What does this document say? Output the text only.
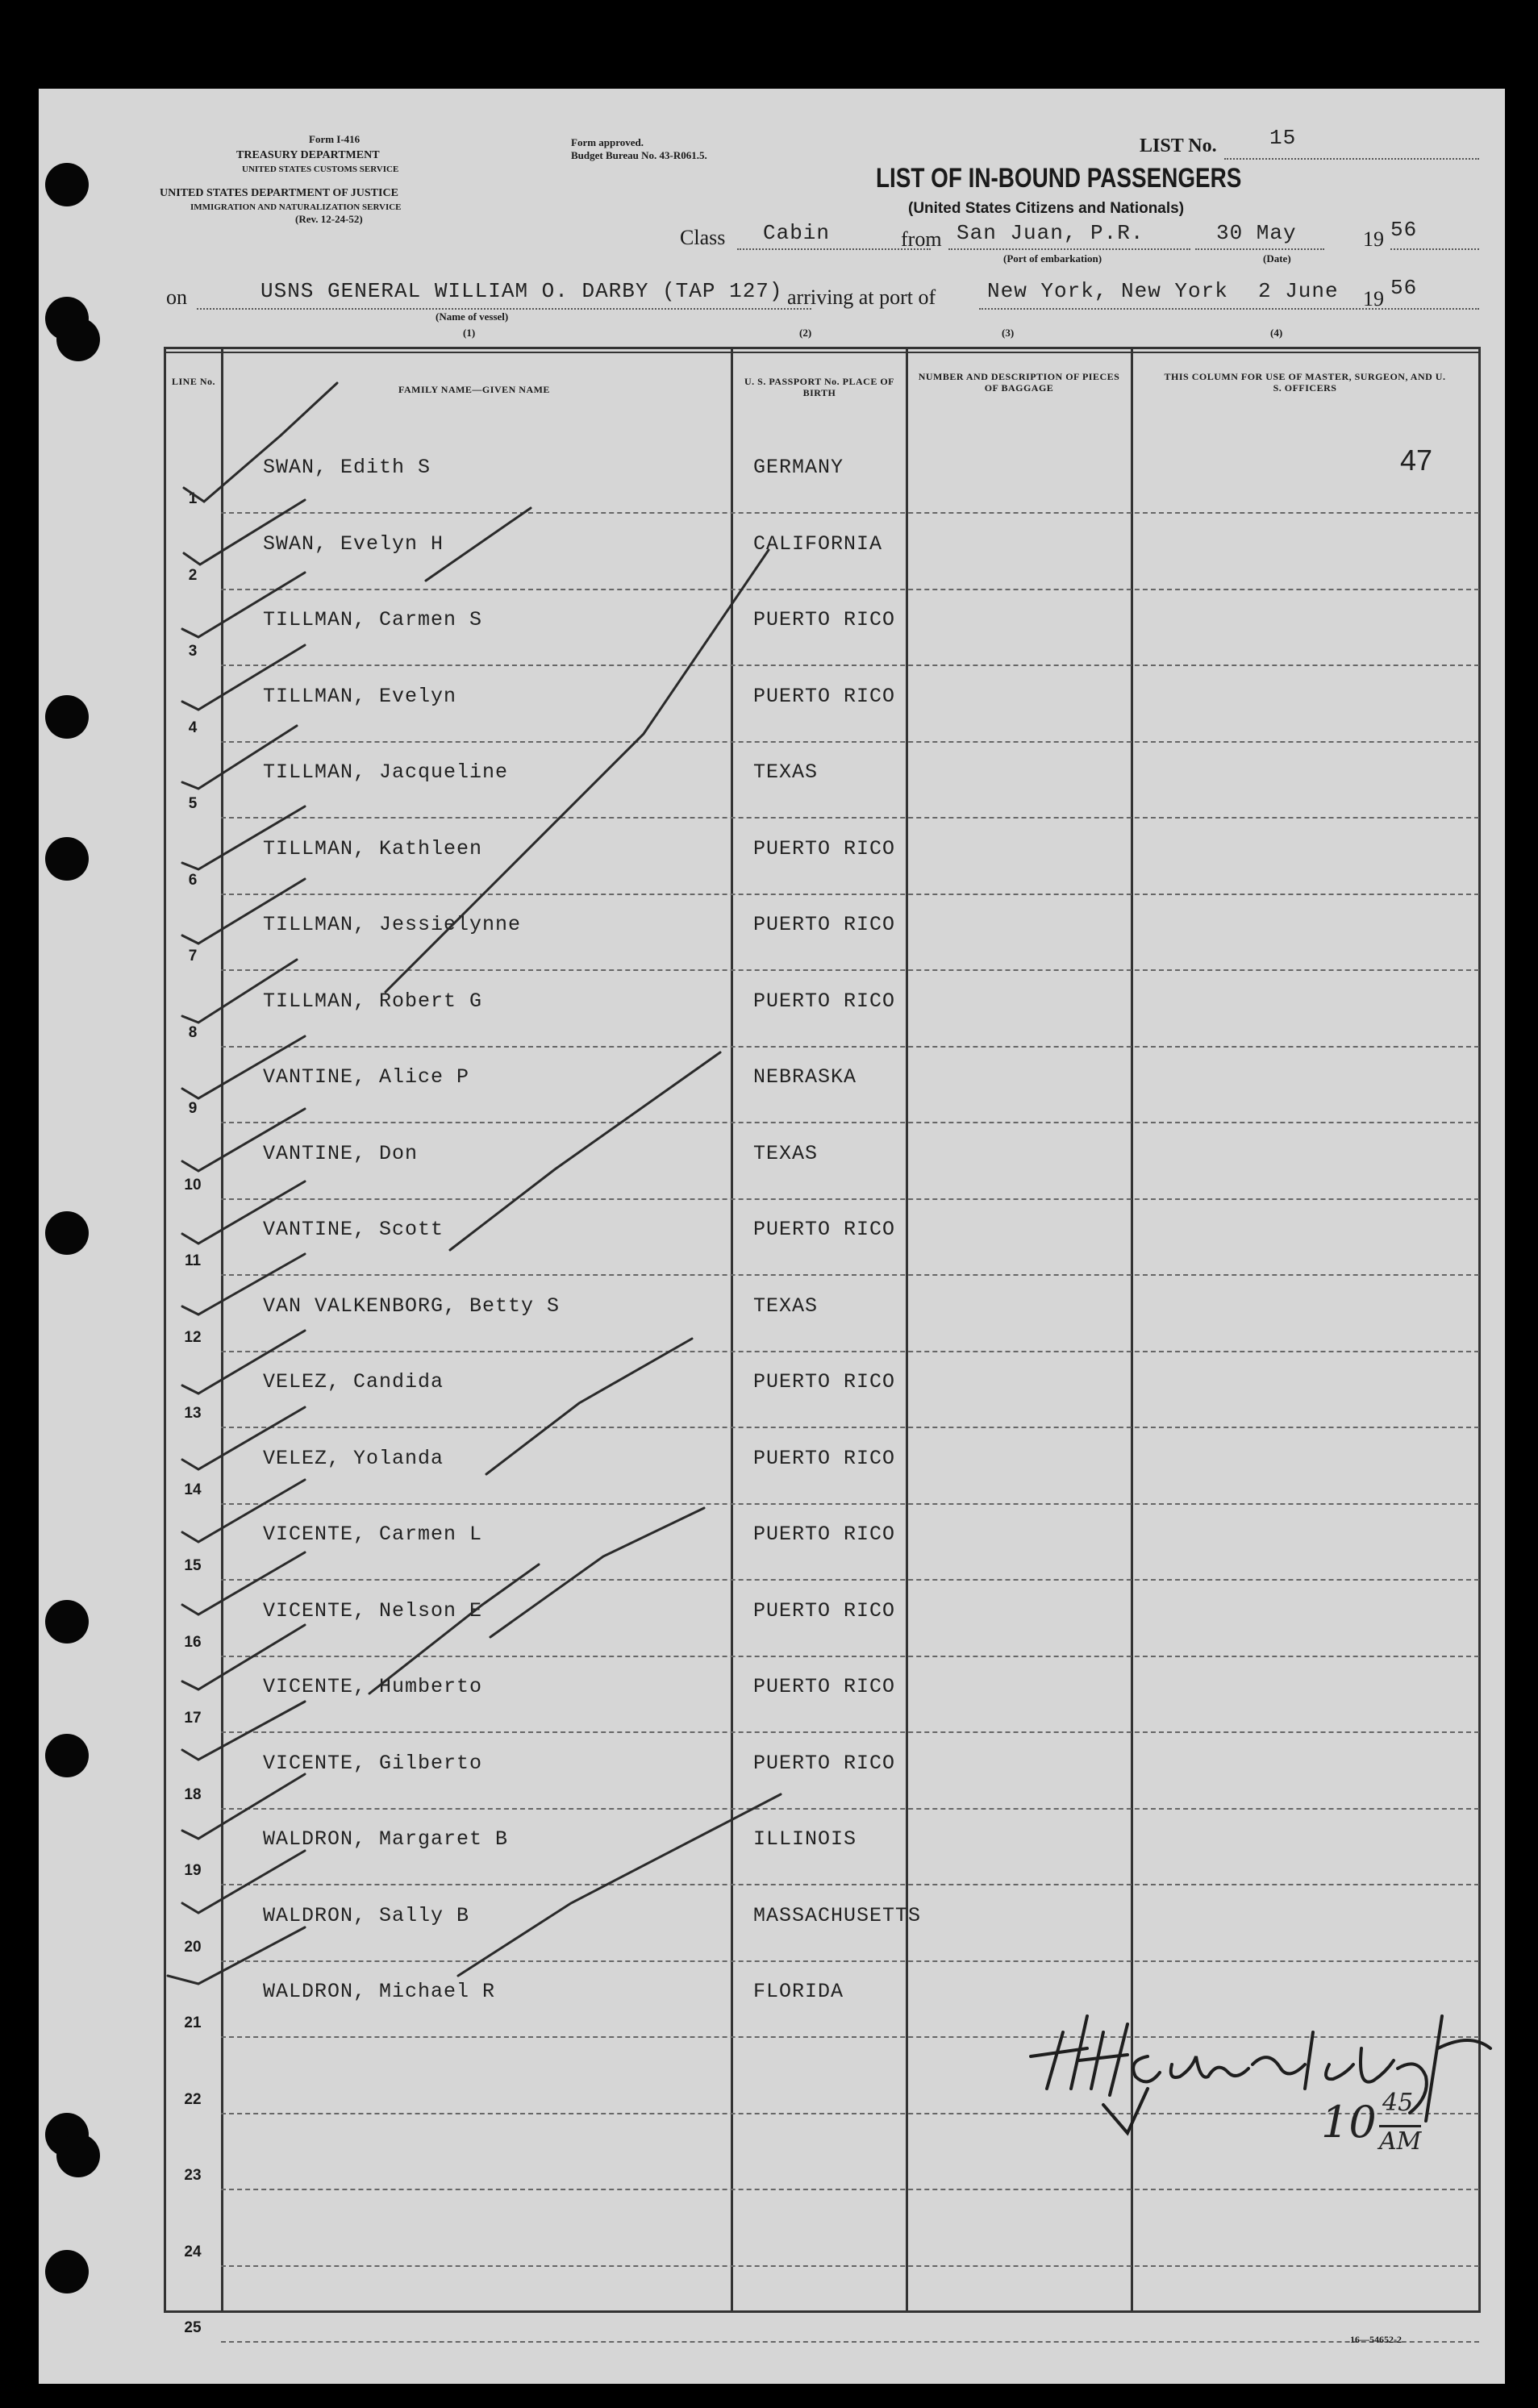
Form I-416
TREASURY DEPARTMENT
UNITED STATES CUSTOMS SERVICE
UNITED STATES DEPARTMENT OF JUSTICE
IMMIGRATION AND NATURALIZATION SERVICE
(Rev. 12-24-52)
Form approved.
Budget Bureau No. 43-R061.5.
LIST OF IN-BOUND PASSENGERS
(United States Citizens and Nationals)
LIST No.	15
Class Cabin	from San Juan, P.R.
(Port of embarkation)
30 May
(Date)
19 56
on	USNS GENERAL WILLIAM O. DARBY (TAP 127)
(Name of vessel)
arriving at port of New York, New York 2 June 19 56
(1)	(2)	(3)	(4)
LINE No.
FAMILY NAME—GIVEN NAME
U. S. PASSPORT No. PLACE OF BIRTH
NUMBER AND DESCRIPTION OF PIECES OF BAGGAGE
THIS COLUMN FOR USE OF MASTER, SURGEON, AND U. S. OFFICERS
1
SWAN, Edith S	GERMANY
2
SWAN, Evelyn H	CALIFORNIA
3
TILLMAN, Carmen S	PUERTO RICO
4
TILLMAN, Evelyn	PUERTO RICO
5
TILLMAN, Jacqueline	TEXAS
6
TILLMAN, Kathleen	PUERTO RICO
7
TILLMAN, Jessielynne	PUERTO RICO
8
TILLMAN, Robert G	PUERTO RICO
9
VANTINE, Alice P	NEBRASKA
10
VANTINE, Don	TEXAS
11
VANTINE, Scott	PUERTO RICO
12
VAN VALKENBORG, Betty S	TEXAS
13
VELEZ, Candida	PUERTO RICO
14
VELEZ, Yolanda	PUERTO RICO
15
VICENTE, Carmen L	PUERTO RICO
16
VICENTE, Nelson E	PUERTO RICO
17
VICENTE, Humberto	PUERTO RICO
18
VICENTE, Gilberto	PUERTO RICO
19
WALDRON, Margaret B	ILLINOIS
20
WALDRON, Sally B	MASSACHUSETTS
21
WALDRON, Michael R	FLORIDA
22
23
24
25
47
10 45
AM
16—54652-2
